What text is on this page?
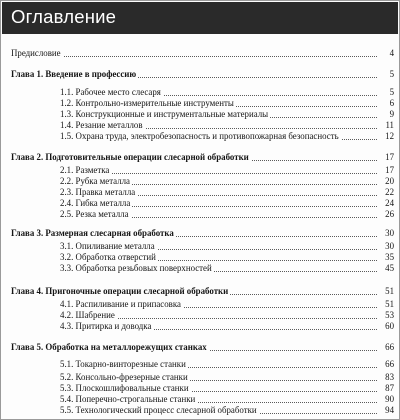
Оглавление
Предисловие	4
Глава 1. Введение в профессию	5
1.1. Рабочее место слесаря	5
1.2. Контрольно-измерительные инструменты	6
1.3. Конструкционные и инструментальные материалы	9
1.4. Резание металлов	11
1.5. Охрана труда, электробезопасность и противопожарная безопасность	12
Глава 2. Подготовительные операции слесарной обработки	17
2.1. Разметка	17
2.2. Рубка металла	20
2.3. Правка металла	22
2.4. Гибка металла	24
2.5. Резка металла	26
Глава 3. Размерная слесарная обработка	30
3.1. Опиливание металла	30
3.2. Обработка отверстий	35
3.3. Обработка резьбовых поверхностей	45
Глава 4. Пригоночные операции слесарной обработки	51
4.1. Распиливание и припасовка	51
4.2. Шабрение	53
4.3. Притирка и доводка	60
Глава 5. Обработка на металлорежущих станках	66
5.1. Токарно-винторезные станки	66
5.2. Консольно-фрезерные станки	83
5.3. Плоскошлифовальные станки	87
5.4. Поперечно-строгальные станки	90
5.5. Технологический процесс слесарной обработки	94
